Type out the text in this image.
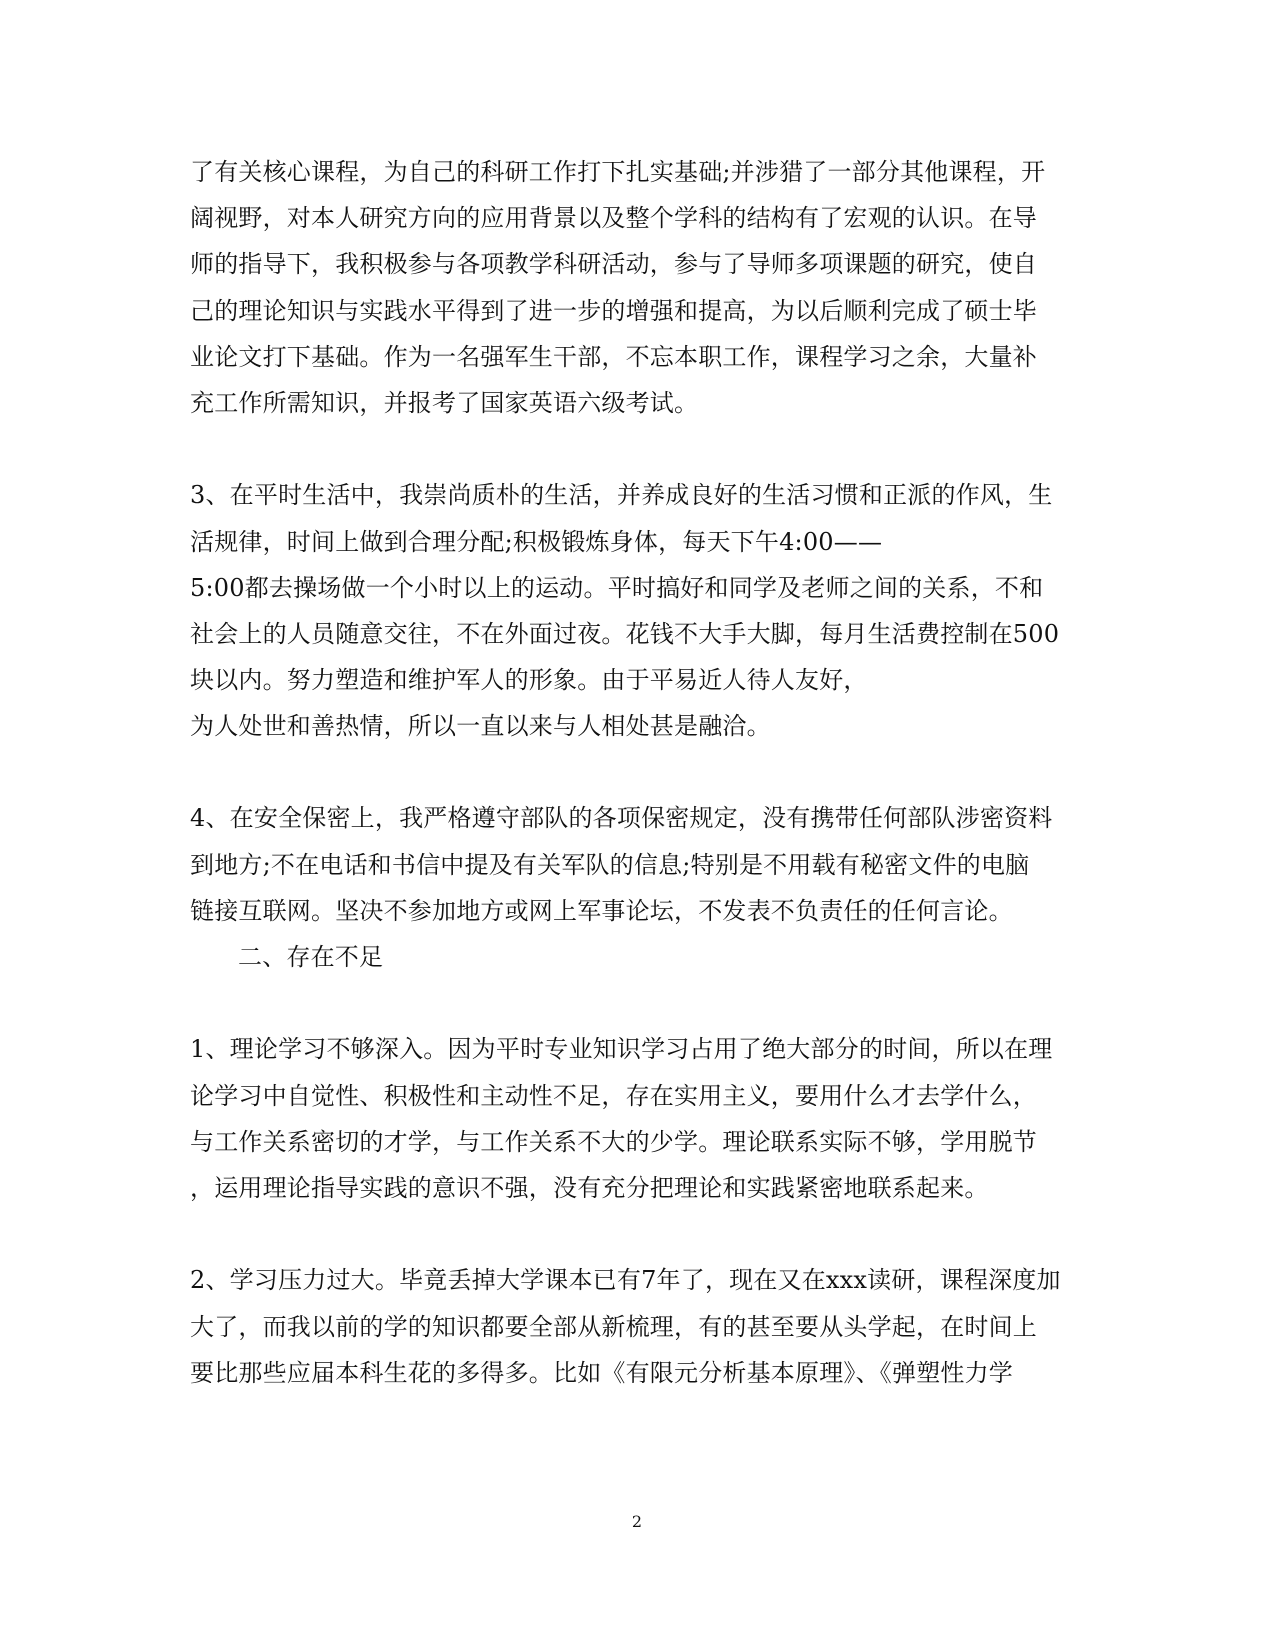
了有关核心课程，为自己的科研工作打下扎实基础;并涉猎了一部分其他课程，开
阔视野，对本人研究方向的应用背景以及整个学科的结构有了宏观的认识。在导
师的指导下，我积极参与各项教学科研活动，参与了导师多项课题的研究，使自
己的理论知识与实践水平得到了进一步的增强和提高，为以后顺利完成了硕士毕
业论文打下基础。作为一名强军生干部，不忘本职工作，课程学习之余，大量补
充工作所需知识，并报考了国家英语六级考试。
3、在平时生活中，我崇尚质朴的生活，并养成良好的生活习惯和正派的作风，生
活规律，时间上做到合理分配;积极锻炼身体，每天下午4:00——
5:00都去操场做一个小时以上的运动。平时搞好和同学及老师之间的关系，不和
社会上的人员随意交往，不在外面过夜。花钱不大手大脚，每月生活费控制在500
块以内。努力塑造和维护军人的形象。由于平易近人待人友好，
为人处世和善热情，所以一直以来与人相处甚是融洽。
4、在安全保密上，我严格遵守部队的各项保密规定，没有携带任何部队涉密资料
到地方;不在电话和书信中提及有关军队的信息;特别是不用载有秘密文件的电脑
链接互联网。坚决不参加地方或网上军事论坛，不发表不负责任的任何言论。
二、存在不足
1、理论学习不够深入。因为平时专业知识学习占用了绝大部分的时间，所以在理
论学习中自觉性、积极性和主动性不足，存在实用主义，要用什么才去学什么，
与工作关系密切的才学，与工作关系不大的少学。理论联系实际不够，学用脱节
，运用理论指导实践的意识不强，没有充分把理论和实践紧密地联系起来。
2、学习压力过大。毕竟丢掉大学课本已有7年了，现在又在xxx读研，课程深度加
大了，而我以前的学的知识都要全部从新梳理，有的甚至要从头学起，在时间上
要比那些应届本科生花的多得多。比如《有限元分析基本原理》、《弹塑性力学
2
